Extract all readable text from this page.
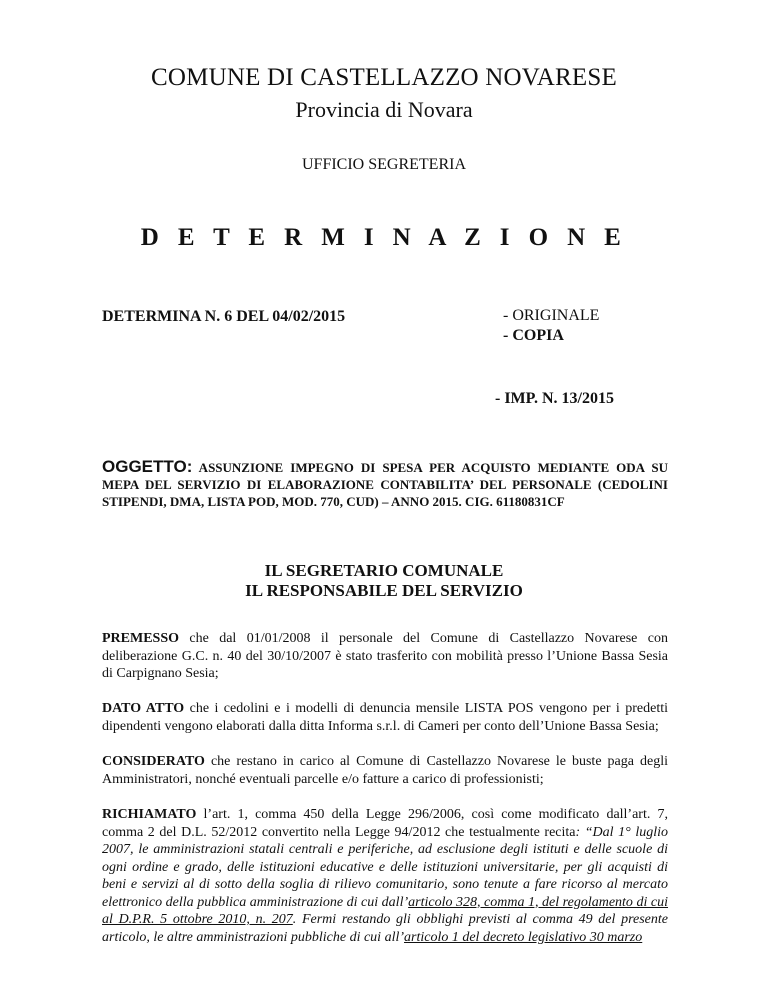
COMUNE DI CASTELLAZZO NOVARESE
Provincia di Novara
UFFICIO SEGRETERIA
D E T E R M I N A Z I O N E
DETERMINA N. 6 DEL 04/02/2015	- ORIGINALE
- COPIA
- IMP. N. 13/2015
OGGETTO: ASSUNZIONE IMPEGNO DI SPESA PER ACQUISTO MEDIANTE ODA SU MEPA DEL SERVIZIO DI ELABORAZIONE CONTABILITA’ DEL PERSONALE (CEDOLINI STIPENDI, DMA, LISTA POD, MOD. 770, CUD) – ANNO 2015. CIG. 61180831CF
IL SEGRETARIO COMUNALE
IL RESPONSABILE DEL SERVIZIO
PREMESSO che dal 01/01/2008 il personale del Comune di Castellazzo Novarese con deliberazione G.C. n. 40 del 30/10/2007 è stato trasferito con mobilità presso l’Unione Bassa Sesia di Carpignano Sesia;
DATO ATTO che i cedolini e i modelli di denuncia mensile LISTA POS vengono per i predetti dipendenti vengono elaborati dalla ditta Informa s.r.l. di Cameri per conto dell’Unione Bassa Sesia;
CONSIDERATO che restano in carico al Comune di Castellazzo Novarese le buste paga degli Amministratori, nonché eventuali parcelle e/o fatture a carico di professionisti;
RICHIAMATO l’art. 1, comma 450 della Legge 296/2006, così come modificato dall’art. 7, comma 2 del D.L. 52/2012 convertito nella Legge 94/2012 che testualmente recita: “Dal 1° luglio 2007, le amministrazioni statali centrali e periferiche, ad esclusione degli istituti e delle scuole di ogni ordine e grado, delle istituzioni educative e delle istituzioni universitarie, per gli acquisti di beni e servizi al di sotto della soglia di rilievo comunitario, sono tenute a fare ricorso al mercato elettronico della pubblica amministrazione di cui dall’articolo 328, comma 1, del regolamento di cui al D.P.R. 5 ottobre 2010, n. 207. Fermi restando gli obblighi previsti al comma 49 del presente articolo, le altre amministrazioni pubbliche di cui all’articolo 1 del decreto legislativo 30 marzo
